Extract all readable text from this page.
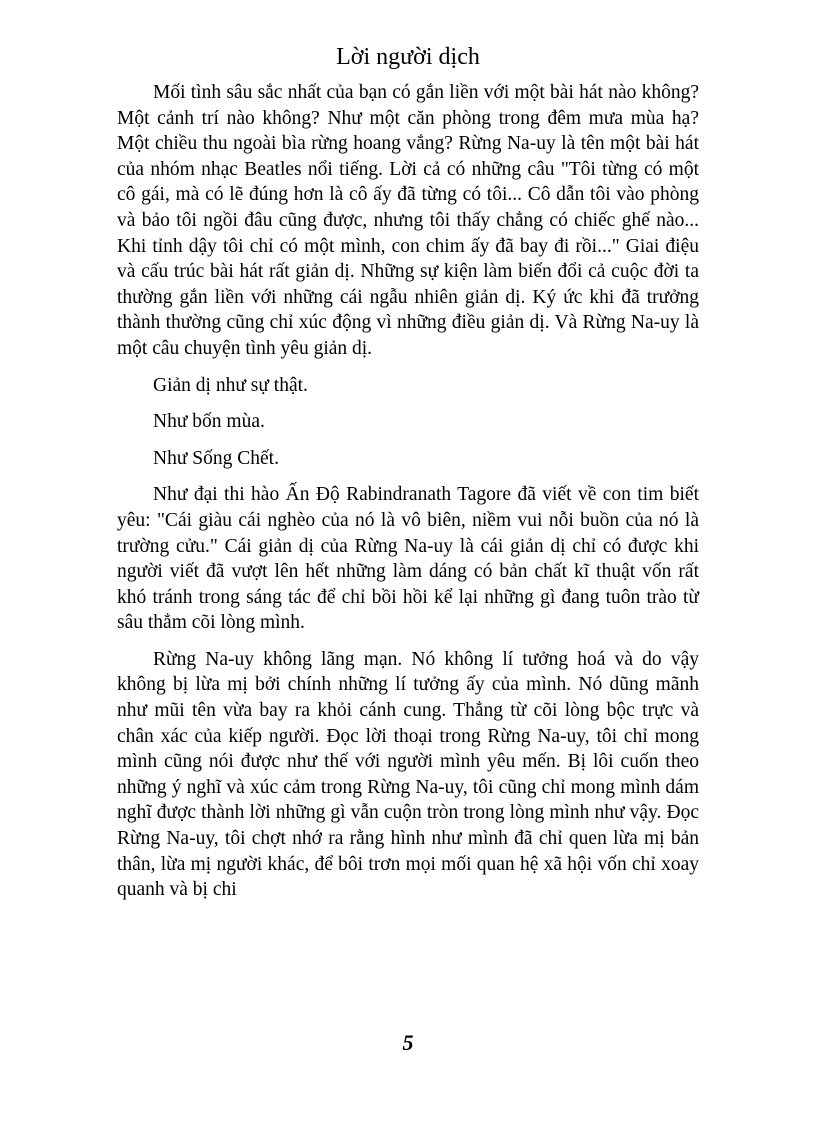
Lời người dịch

Mối tình sâu sắc nhất của bạn có gắn liền với một bài hát nào không? Một cảnh trí nào không? Như một căn phòng trong đêm mưa mùa hạ? Một chiều thu ngoài bìa rừng hoang vắng? Rừng Na-uy là tên một bài hát của nhóm nhạc Beatles nổi tiếng. Lời cả có những câu "Tôi từng có một cô gái, mà có lẽ đúng hơn là cô ấy đã từng có tôi... Cô dẫn tôi vào phòng và bảo tôi ngồi đâu cũng được, nhưng tôi thấy chẳng có chiếc ghế nào... Khi tỉnh dậy tôi chỉ có một mình, con chim ấy đã bay đi rồi..." Giai điệu và cấu trúc bài hát rất giản dị. Những sự kiện làm biến đổi cả cuộc đời ta thường gắn liền với những cái ngẫu nhiên giản dị. Ký ức khi đã trưởng thành thường cũng chỉ xúc động vì những điều giản dị. Và Rừng Na-uy là một câu chuyện tình yêu giản dị.

Giản dị như sự thật.

Như bốn mùa.

Như Sống Chết.

Như đại thi hào Ấn Độ Rabindranath Tagore đã viết về con tim biết yêu: "Cái giàu cái nghèo của nó là vô biên, niềm vui nỗi buồn của nó là trường cửu." Cái giản dị của Rừng Na-uy là cái giản dị chỉ có được khi người viết đã vượt lên hết những làm dáng có bản chất kĩ thuật vốn rất khó tránh trong sáng tác để chỉ bồi hồi kể lại những gì đang tuôn trào từ sâu thẳm cõi lòng mình.

Rừng Na-uy không lãng mạn. Nó không lí tưởng hoá và do vậy không bị lừa mị bởi chính những lí tưởng ấy của mình. Nó dũng mãnh như mũi tên vừa bay ra khỏi cánh cung. Thẳng từ cõi lòng bộc trực và chân xác của kiếp người. Đọc lời thoại trong Rừng Na-uy, tôi chỉ mong mình cũng nói được như thế với người mình yêu mến. Bị lôi cuốn theo những ý nghĩ và xúc cảm trong Rừng Na-uy, tôi cũng chỉ mong mình dám nghĩ được thành lời những gì vẫn cuộn tròn trong lòng mình như vậy. Đọc Rừng Na-uy, tôi chợt nhớ ra rằng hình như mình đã chỉ quen lừa mị bản thân, lừa mị người khác, để bôi trơn mọi mối quan hệ xã hội vốn chỉ xoay quanh và bị chi

5
